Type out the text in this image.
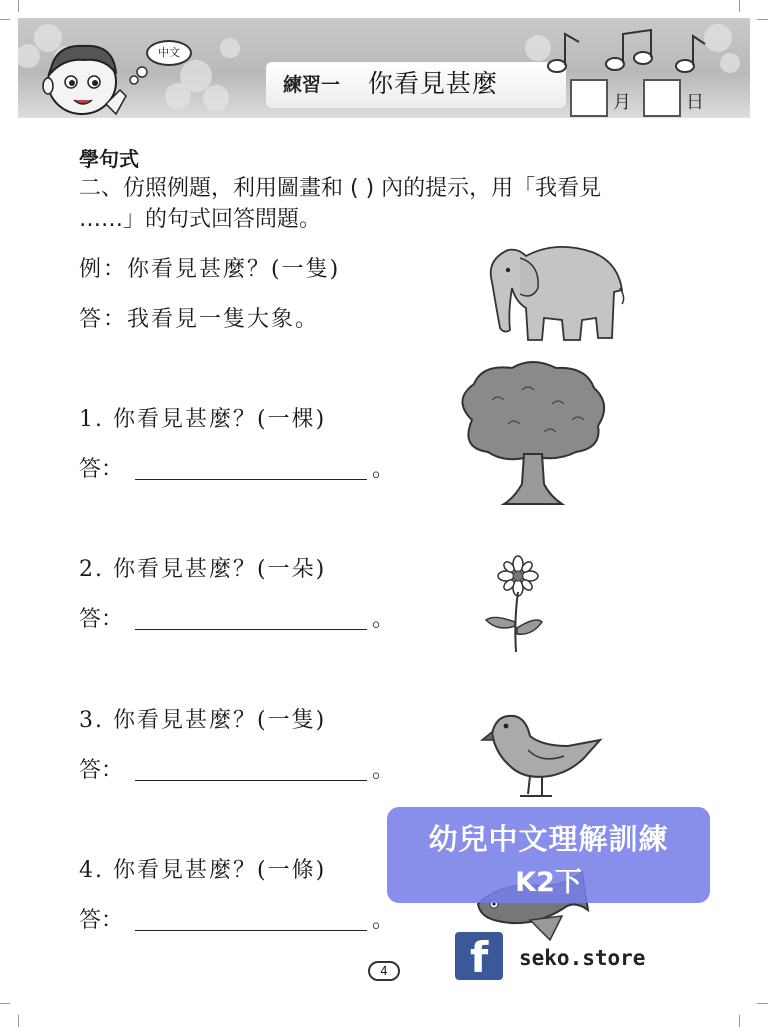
中文
練習一 你看見甚麼
月	日
學句式
二、仿照例題，利用圖畫和 ( ) 內的提示，用「我看見
……」的句式回答問題。
例：你看見甚麼？(一隻)
答：我看見一隻大象。
1. 你看見甚麼？(一棵)
答：	。
2. 你看見甚麼？(一朵)
答：	。
3. 你看見甚麼？(一隻)
答：	。
4. 你看見甚麼？(一條)
答：	。
幼兒中文理解訓練
K2下
f seko.store
4
